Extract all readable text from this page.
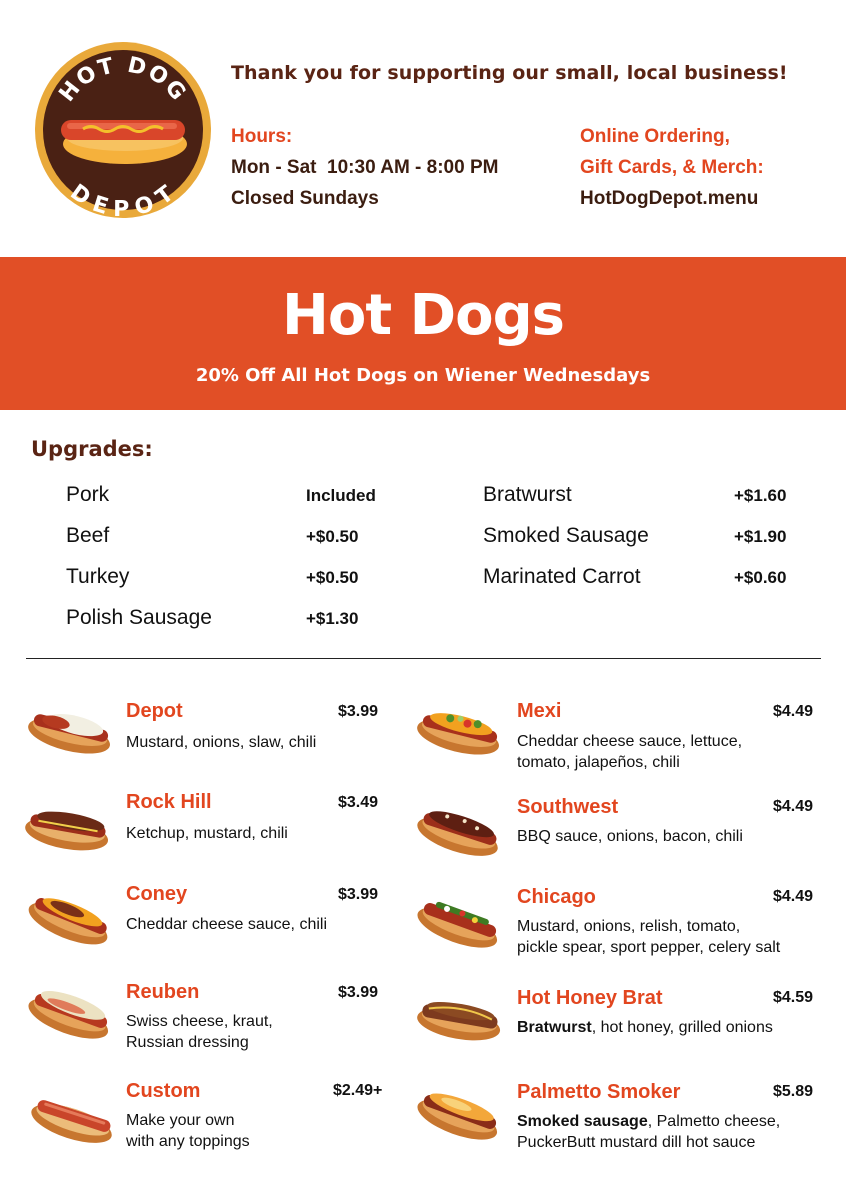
HOT DOG
DEPOT
Thank you for supporting our small, local business!
Hours:
Mon - Sat  10:30 AM - 8:00 PM
Closed Sundays
Online Ordering,
Gift Cards, & Merch:
HotDogDepot.menu
Hot Dogs
20% Off All Hot Dogs on Wiener Wednesdays
Upgrades:
Pork	Included
Beef	+$0.50
Turkey	+$0.50
Polish Sausage	+$1.30
Bratwurst	+$1.60
Smoked Sausage	+$1.90
Marinated Carrot	+$0.60
Depot	$3.99
Mustard, onions, slaw, chili
Rock Hill	$3.49
Ketchup, mustard, chili
Coney	$3.99
Cheddar cheese sauce, chili
Reuben	$3.99
Swiss cheese, kraut,
Russian dressing
Custom	$2.49+
Make your own
with any toppings
Mexi	$4.49
Cheddar cheese sauce, lettuce,
tomato, jalapeños, chili
Southwest	$4.49
BBQ sauce, onions, bacon, chili
Chicago	$4.49
Mustard, onions, relish, tomato,
pickle spear, sport pepper, celery salt
Hot Honey Brat	$4.59
Bratwurst, hot honey, grilled onions
Palmetto Smoker	$5.89
Smoked sausage, Palmetto cheese,
PuckerButt mustard dill hot sauce
